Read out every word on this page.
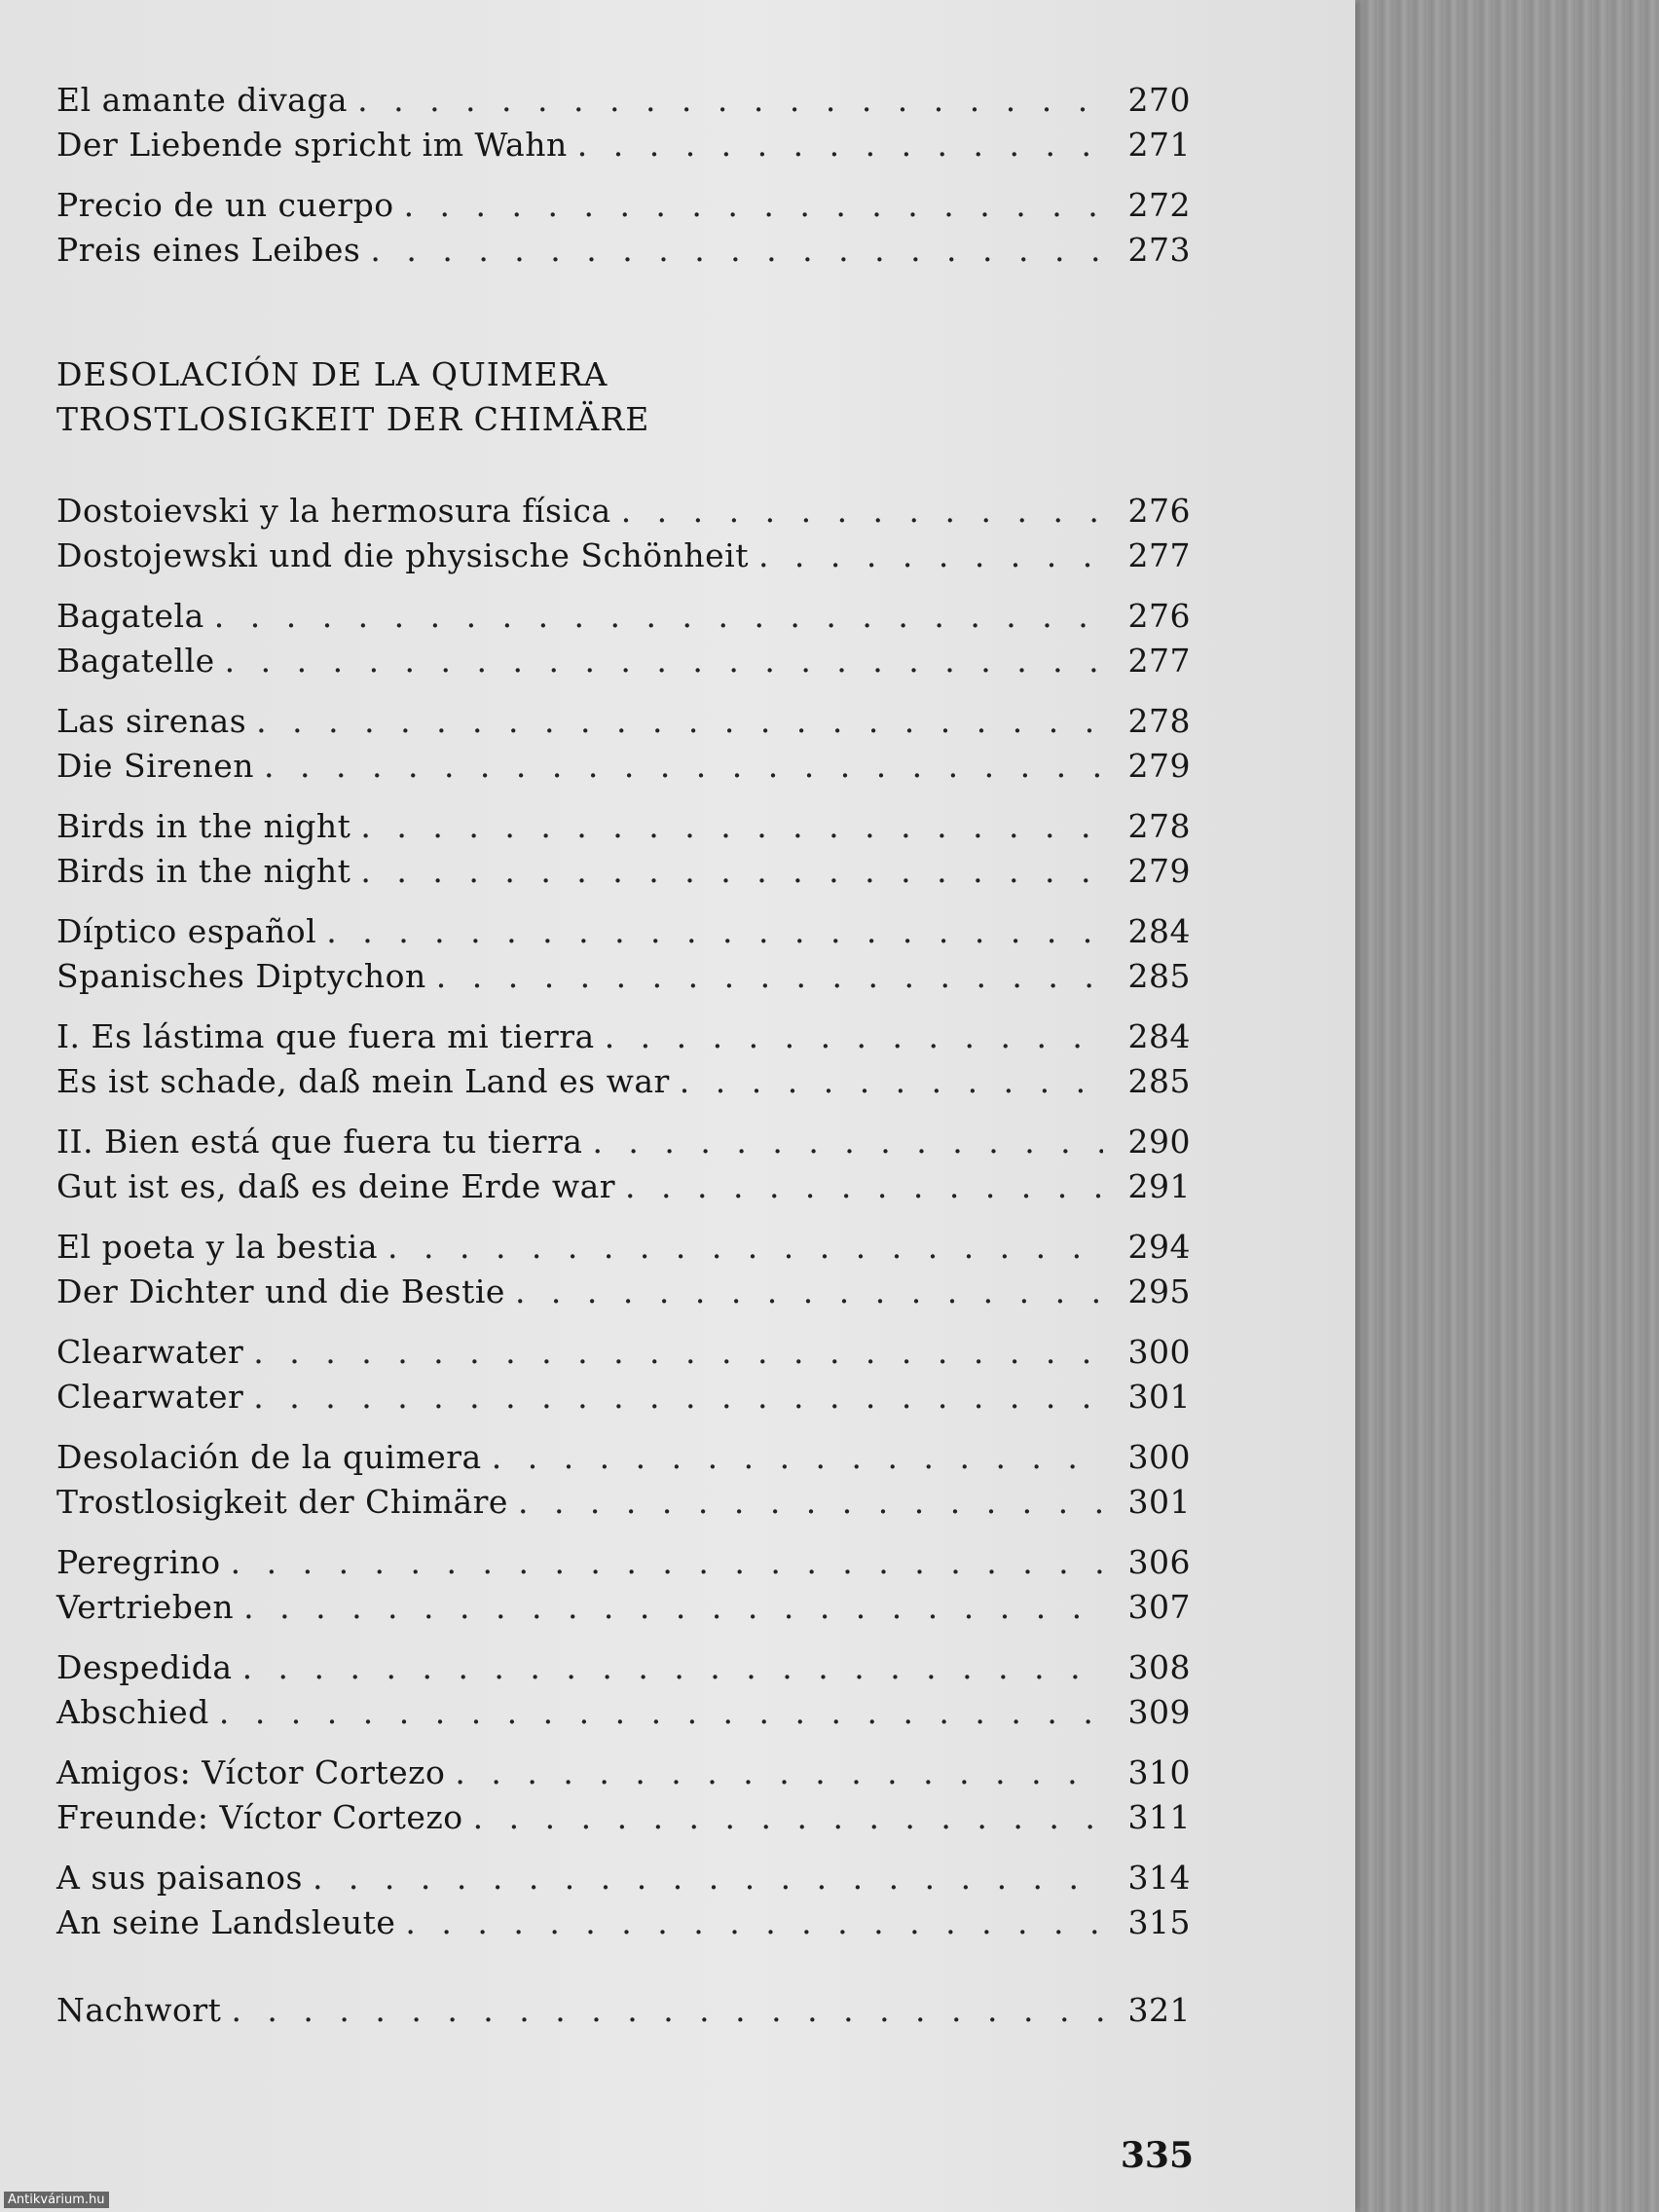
El amante divaga . . .	270
Der Liebende spricht im Wahn . . .	271
Precio de un cuerpo . . .	272
Preis eines Leibes . . .	273
DESOLACIÓN DE LA QUIMERA
TROSTLOSIGKEIT DER CHIMÄRE
Dostoievski y la hermosura física . . .	276
Dostojewski und die physische Schönheit . . .	277
Bagatela . . .	276
Bagatelle . . .	277
Las sirenas . . .	278
Die Sirenen . . .	279
Birds in the night . . .	278
Birds in the night . . .	279
Díptico español . . .	284
Spanisches Diptychon . . .	285
I. Es lástima que fuera mi tierra . . .	284
Es ist schade, daß mein Land es war . . .	285
II. Bien está que fuera tu tierra . . .	290
Gut ist es, daß es deine Erde war . . .	291
El poeta y la bestia . . .	294
Der Dichter und die Bestie . . .	295
Clearwater . . .	300
Clearwater . . .	301
Desolación de la quimera . . .	300
Trostlosigkeit der Chimäre . . .	301
Peregrino . . .	306
Vertrieben . . .	307
Despedida . . .	308
Abschied . . .	309
Amigos: Víctor Cortezo . . .	310
Freunde: Víctor Cortezo . . .	311
A sus paisanos . . .	314
An seine Landsleute . . .	315
Nachwort . . .	321
335
Antikvárium.hu
